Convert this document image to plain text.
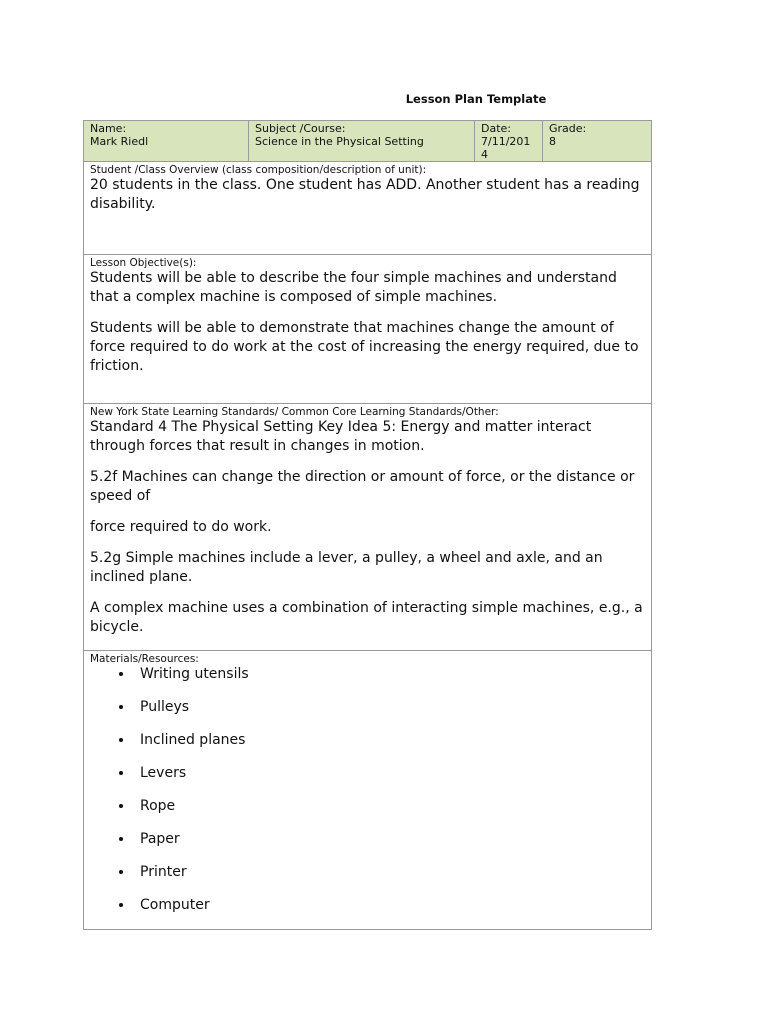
Lesson Plan Template
Name:
Mark Riedl

Subject /Course:
Science in the Physical Setting

Date:
7/11/2014

Grade:
8

Student /Class Overview (class composition/description of unit):

20 students in the class. One student has ADD. Another student has a reading disability.

Lesson Objective(s):

Students will be able to describe the four simple machines and understand that a complex machine is composed of simple machines.

Students will be able to demonstrate that machines change the amount of force required to do work at the cost of increasing the energy required, due to friction.

New York State Learning Standards/ Common Core Learning Standards/Other:

Standard 4 The Physical Setting Key Idea 5: Energy and matter interact through forces that result in changes in motion.

5.2f Machines can change the direction or amount of force, or the distance or speed of

force required to do work.

5.2g Simple machines include a lever, a pulley, a wheel and axle, and an inclined plane.

A complex machine uses a combination of interacting simple machines, e.g., a bicycle.

Materials/Resources:
• Writing utensils
• Pulleys
• Inclined planes
• Levers
• Rope
• Paper
• Printer
• Computer
